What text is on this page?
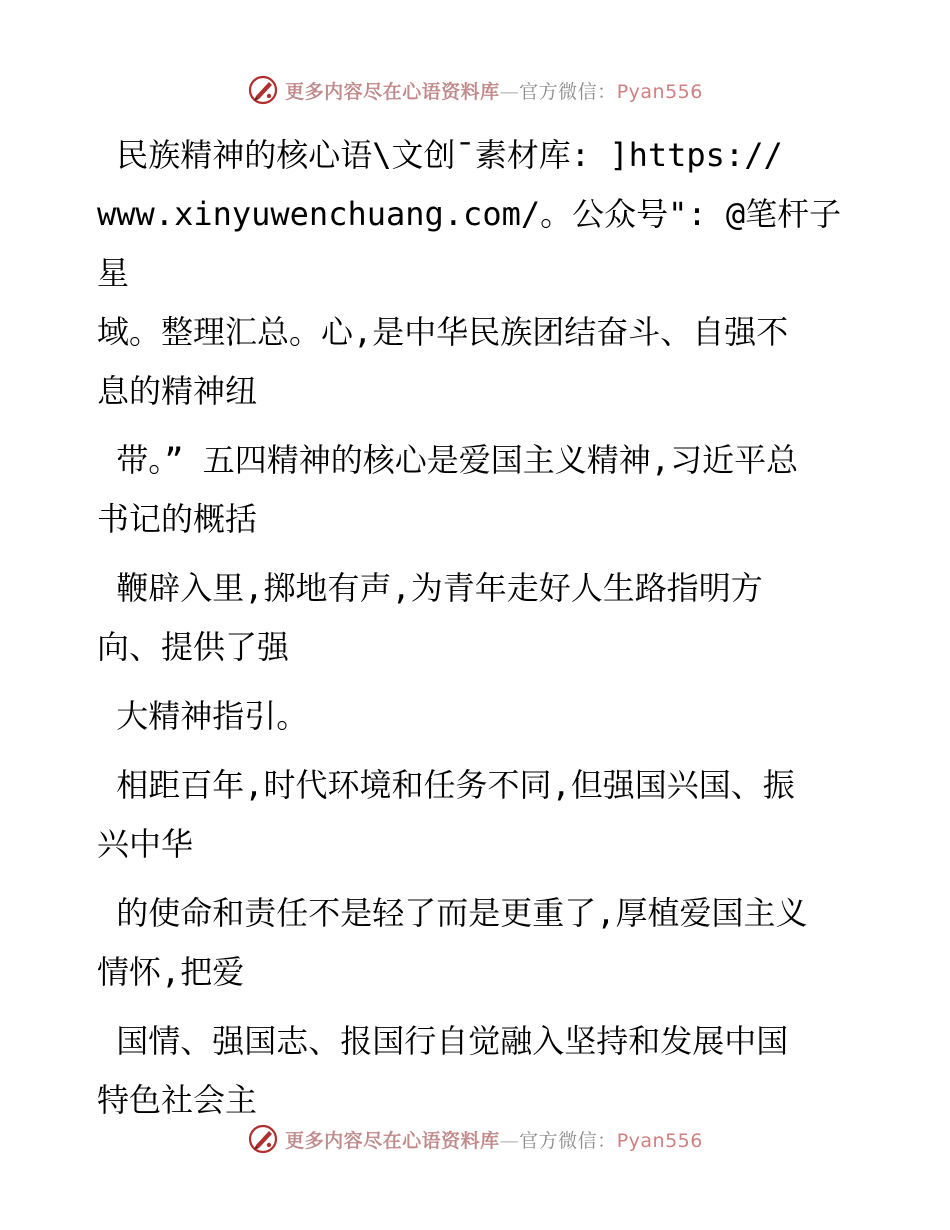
更多内容尽在心语资料库—官方微信：Pyan556

民族精神的核心语\文创¯素材库: ]https://
www.xinyuwenchuang.com/。公众号": @笔杆子星
域。整理汇总。心,是中华民族团结奋斗、自强不
息的精神纽

带。” 五四精神的核心是爱国主义精神,习近平总
书记的概括

鞭辟入里,掷地有声,为青年走好人生路指明方
向、提供了强

大精神指引。

相距百年,时代环境和任务不同,但强国兴国、振
兴中华

的使命和责任不是轻了而是更重了,厚植爱国主义
情怀,把爱

国情、强国志、报国行自觉融入坚持和发展中国
特色社会主

更多内容尽在心语资料库—官方微信：Pyan556
